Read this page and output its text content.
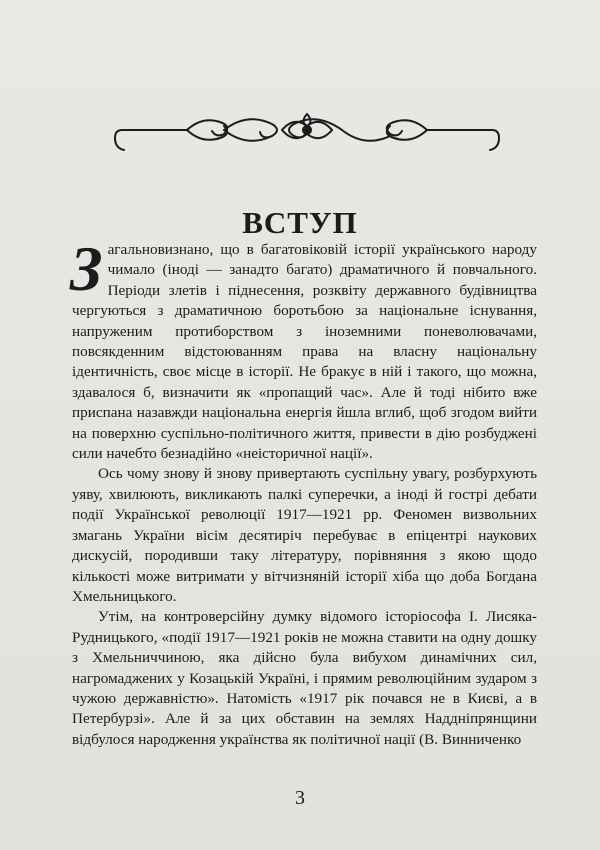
ВСТУП

Загальновизнано, що в багатовіковій історії українського народу чимало (іноді — занадто багато) драматичного й повчального. Періоди злетів і піднесення, розквіту державного будівництва чергуються з драматичною боротьбою за національне існування, напруженим протиборством з іноземними поневолювачами, повсякденним відстоюванням права на власну національну ідентичність, своє місце в історії. Не бракує в ній і такого, що можна, здавалося б, визначити як «пропащий час». Але й тоді нібито вже приспана назавжди національна енергія йшла вглиб, щоб згодом вийти на поверхню суспільно-політичного життя, привести в дію розбуджені сили начебто безнадійно «неісторичної нації».

Ось чому знову й знову привертають суспільну увагу, розбурхують уяву, хвилюють, викликають палкі суперечки, а іноді й гострі дебати події Української революції 1917—1921 рр. Феномен визвольних змагань України вісім десятиріч перебуває в епіцентрі наукових дискусій, породивши таку літературу, порівняння з якою щодо кількості може витримати у вітчизняній історії хіба що доба Богдана Хмельницького.

Утім, на контроверсійну думку відомого історіософа І. Лисяка-Рудницького, «події 1917—1921 років не можна ставити на одну дошку з Хмельниччиною, яка дійсно була вибухом динамічних сил, нагромаджених у Козацькій Україні, і прямим революційним зударом з чужою державністю». Натомість «1917 рік почався не в Києві, а в Петербурзі». Але й за цих обставин на землях Наддніпрянщини відбулося народження українства як політичної нації (В. Винниченко

3
